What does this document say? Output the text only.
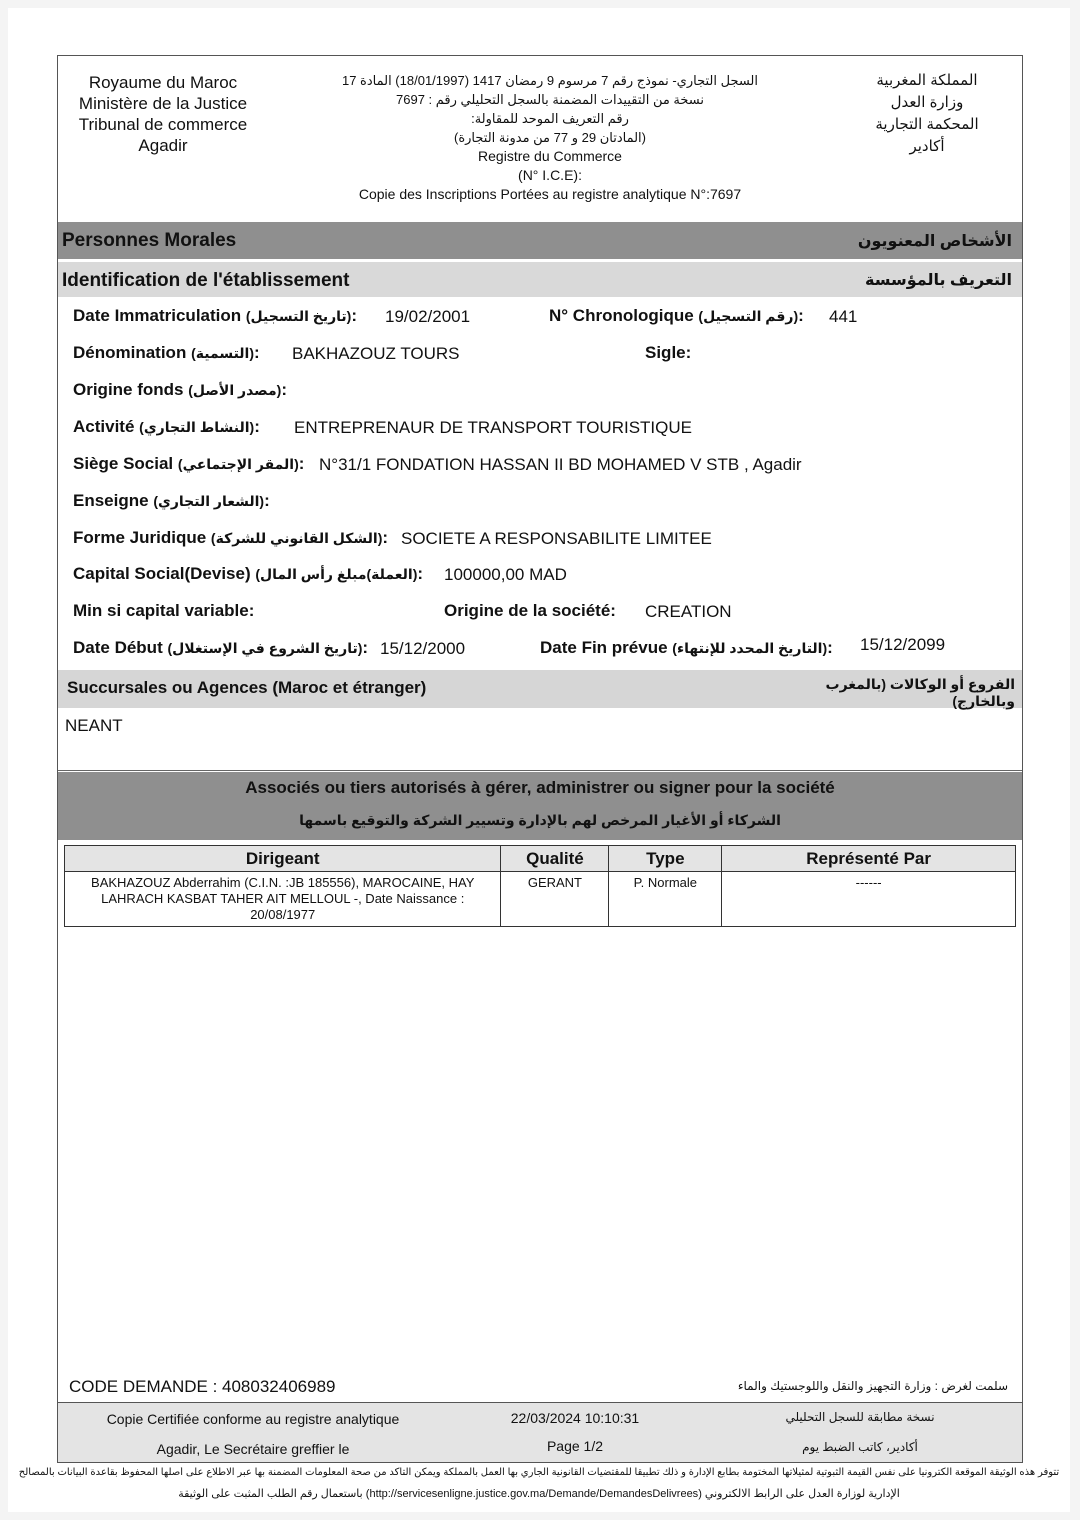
Royaume du Maroc
Ministère de la Justice
Tribunal de commerce
Agadir
السجل التجاري- نموذج رقم 7 مرسوم 9 رمضان 1417 (18/01/1997) المادة 17
نسخة من التقييدات المضمنة بالسجل التحليلي رقم : 7697
رقم التعريف الموحد للمقاولة:
(المادتان 29 و 77 من مدونة التجارة)
Registre du Commerce
(N° I.C.E):
Copie des Inscriptions Portées au registre analytique N°:7697
المملكة المغربية
وزارة العدل
المحكمة التجارية
أكادير
Personnes Morales	الأشخاص المعنويون
Identification de l'établissement	التعريف بالمؤسسة
Date Immatriculation (تاريخ التسجيل): 19/02/2001	N° Chronologique (رقم التسجيل): 441
Dénomination (التسمية): BAKHAZOUZ TOURS	Sigle:
Origine fonds (مصدر الأصل):
Activité (النشاط التجاري): ENTREPRENAUR DE TRANSPORT TOURISTIQUE
Siège Social (المقر الإجتماعي): N°31/1 FONDATION HASSAN II BD MOHAMED V STB , Agadir
Enseigne (الشعار التجاري):
Forme Juridique (الشكل القانوني للشركة): SOCIETE A RESPONSABILITE LIMITEE
Capital Social(Devise) (العملة)مبلغ رأس المال): 100000,00 MAD
Min si capital variable:	Origine de la société: CREATION
Date Début (تاريخ الشروع في الإستغلال): 15/12/2000	Date Fin prévue (التاريخ المحدد للإنتهاء): 15/12/2099
Succursales ou Agences (Maroc et étranger)	الفروع أو الوكالات (بالمغرب وبالخارج)
NEANT
Associés ou tiers autorisés à gérer, administrer ou signer pour la société
الشركاء أو الأغيار المرخص لهم بالإدارة وتسيير الشركة والتوقيع باسمها
Dirigeant	Qualité	Type	Représenté Par
BAKHAZOUZ Abderrahim (C.I.N. :JB 185556), MAROCAINE, HAY LAHRACH KASBAT TAHER AIT MELLOUL -, Date Naissance : 20/08/1977	GERANT	P. Normale	------
CODE DEMANDE : 408032406989	سلمت لغرض : وزارة التجهيز والنقل واللوجستيك والماء
Copie Certifiée conforme au registre analytique	22/03/2024 10:10:31	نسخة مطابقة للسجل التحليلي
Agadir, Le Secrétaire greffier le	Page 1/2	أكادير، كاتب الضبط يوم
تتوفر هذه الوثيقة الموقعة الكترونيا على نفس القيمة الثبوتية لمثيلاتها المختومة بطابع الإدارة و ذلك تطبيقا للمقتضيات القانونية الجاري بها العمل بالمملكة ويمكن التأكد من صحة المعلومات المضمنة بها عبر الاطلاع على أصلها المحفوظ بقاعدة البيانات بالمصالح
الإدارية لوزارة العدل على الرابط الالكتروني (http://servicesenligne.justice.gov.ma/Demande/DemandesDelivrees) باستعمال رقم الطلب المثبت على الوثيقة
